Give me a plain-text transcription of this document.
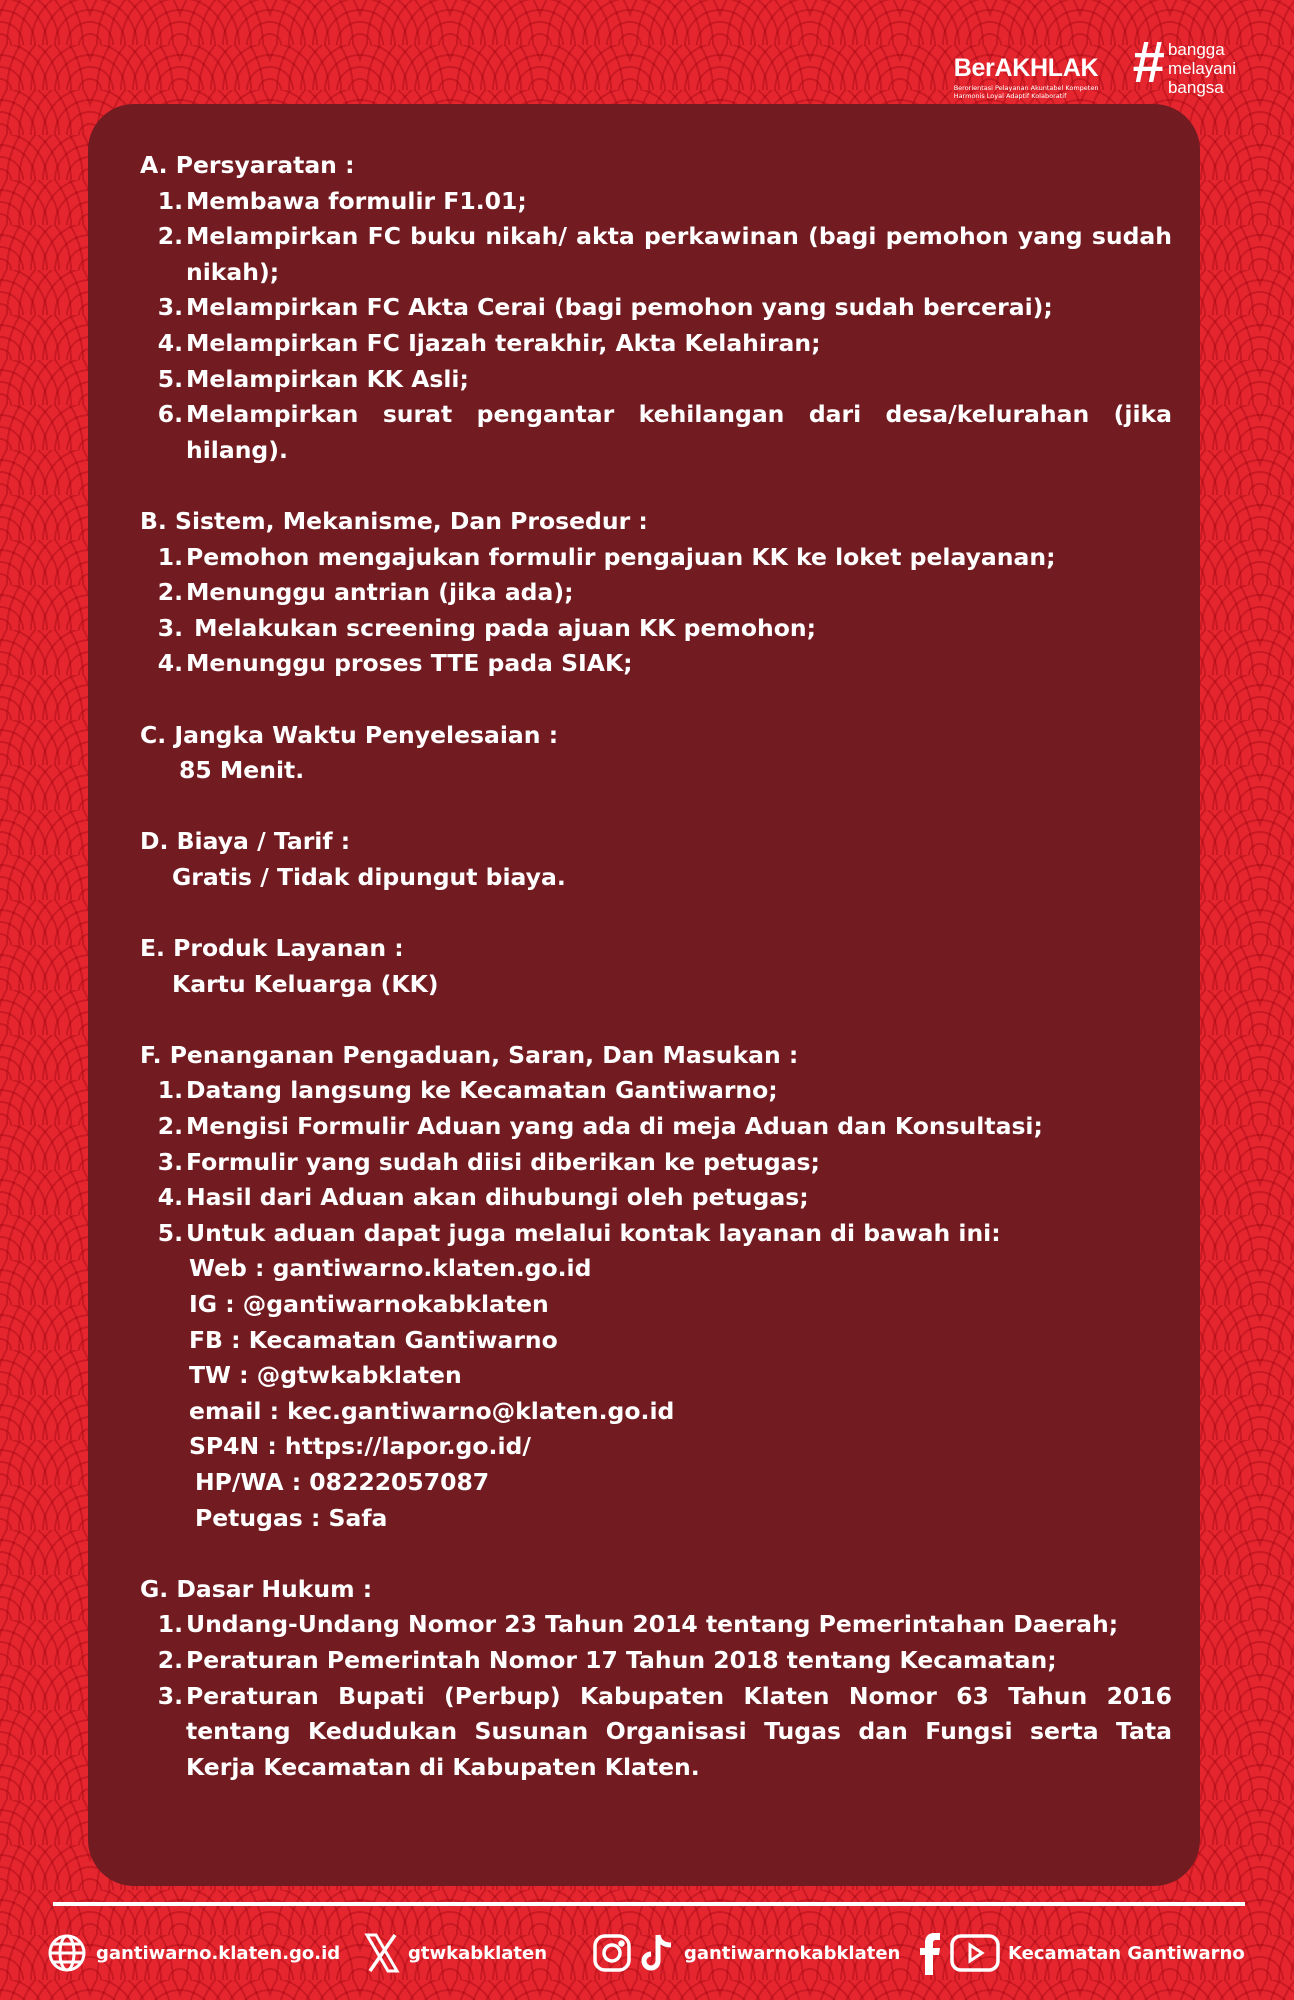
BerAKHLAK
Berorientasi Pelayanan Akuntabel Kompeten Harmonis Loyal Adaptif Kolaboratif
# bangga
melayani
bangsa
A. Persyaratan :
1. Membawa formulir F1.01;
2. Melampirkan FC buku nikah/ akta perkawinan (bagi pemohon yang sudah nikah);
3. Melampirkan FC Akta Cerai (bagi pemohon yang sudah bercerai);
4. Melampirkan FC Ijazah terakhir, Akta Kelahiran;
5. Melampirkan KK Asli;
6. Melampirkan surat pengantar kehilangan dari desa/kelurahan (jika hilang).
B. Sistem, Mekanisme, Dan Prosedur :
1. Pemohon mengajukan formulir pengajuan KK ke loket pelayanan;
2. Menunggu antrian (jika ada);
3. Melakukan screening pada ajuan KK pemohon;
4. Menunggu proses TTE pada SIAK;
C. Jangka Waktu Penyelesaian :
85 Menit.
D. Biaya / Tarif :
Gratis / Tidak dipungut biaya.
E. Produk Layanan :
Kartu Keluarga (KK)
F. Penanganan Pengaduan, Saran, Dan Masukan :
1. Datang langsung ke Kecamatan Gantiwarno;
2. Mengisi Formulir Aduan yang ada di meja Aduan dan Konsultasi;
3. Formulir yang sudah diisi diberikan ke petugas;
4. Hasil dari Aduan akan dihubungi oleh petugas;
5. Untuk aduan dapat juga melalui kontak layanan di bawah ini:
Web : gantiwarno.klaten.go.id
IG : @gantiwarnokabklaten
FB : Kecamatan Gantiwarno
TW : @gtwkabklaten
email : kec.gantiwarno@klaten.go.id
SP4N : https://lapor.go.id/
HP/WA : 08222057087
Petugas : Safa
G. Dasar Hukum :
1. Undang-Undang Nomor 23 Tahun 2014 tentang Pemerintahan Daerah;
2. Peraturan Pemerintah Nomor 17 Tahun 2018 tentang Kecamatan;
3. Peraturan Bupati (Perbup) Kabupaten Klaten Nomor 63 Tahun 2016 tentang Kedudukan Susunan Organisasi Tugas dan Fungsi serta Tata Kerja Kecamatan di Kabupaten Klaten.
gantiwarno.klaten.go.id	gtwkabklaten	gantiwarnokabklaten	Kecamatan Gantiwarno
